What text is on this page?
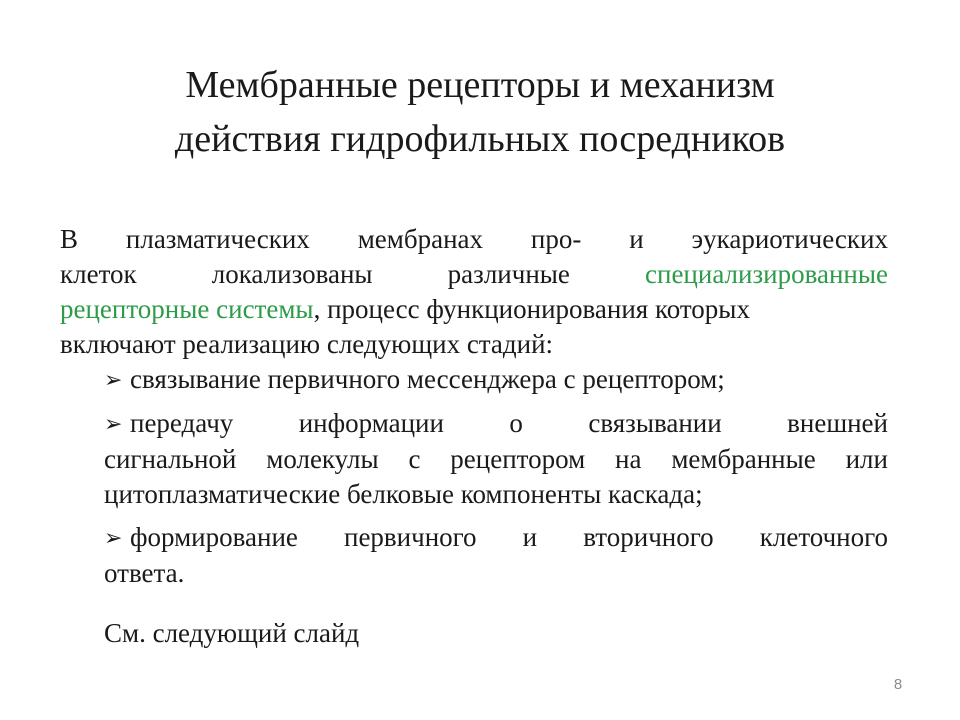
Мембранные рецепторы и механизм
действия гидрофильных посредников
В плазматических мембранах про- и эукариотических
клеток	локализованы	различные	специализированные
рецепторные системы, процесс функционирования которых
включают реализацию следующих стадий:
➢ связывание первичного мессенджера с рецептором;
➢ передачу информации о связывании внешней
сигнальной молекулы с рецептором на мембранные или
цитоплазматические белковые компоненты каскада;
➢ формирование первичного и вторичного клеточного
ответа.

См. следующий слайд

8
